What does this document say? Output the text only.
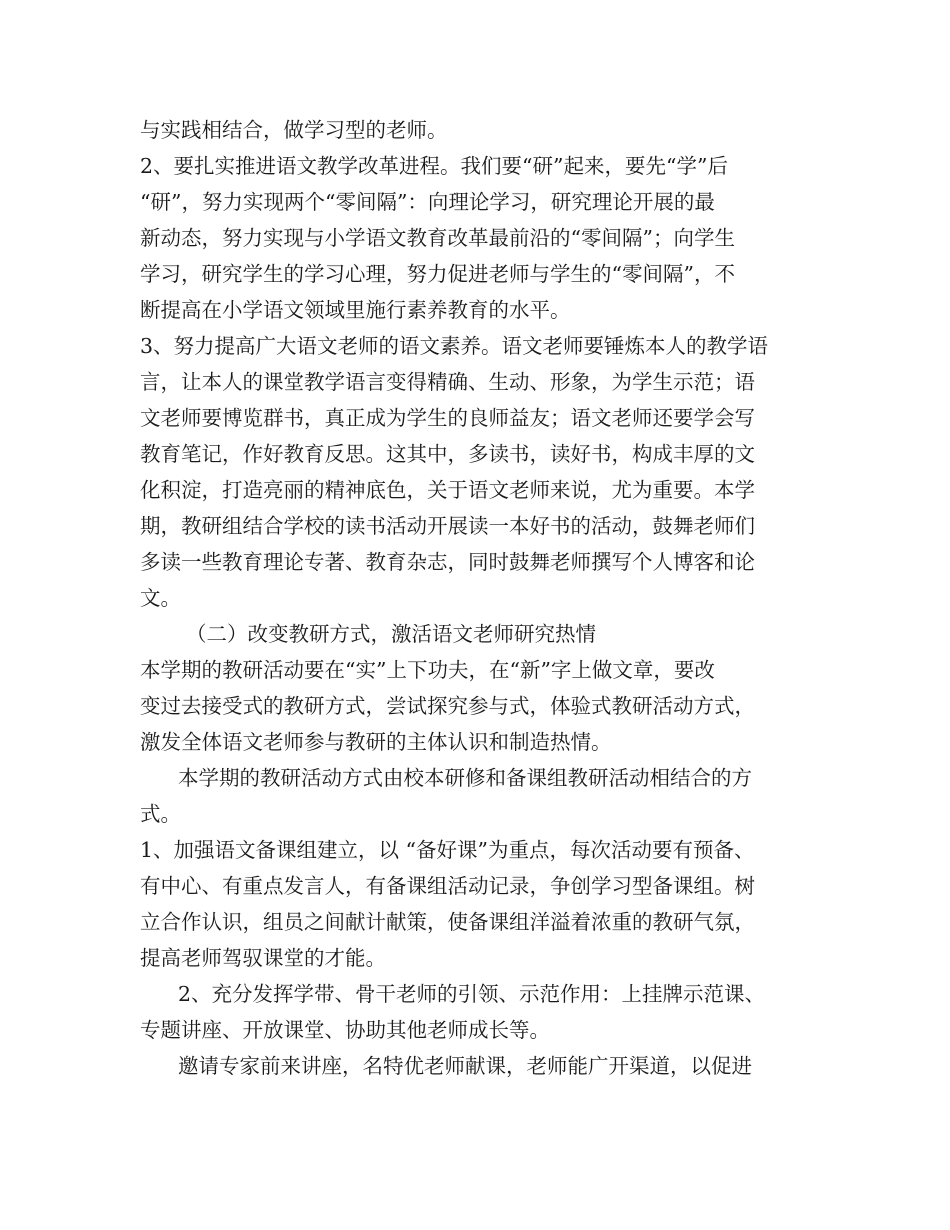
与实践相结合，做学习型的老师。
2、要扎实推进语文教学改革进程。我们要“研”起来，要先“学”后
“研”，努力实现两个“零间隔”：向理论学习，研究理论开展的最
新动态，努力实现与小学语文教育改革最前沿的“零间隔”；向学生
学习，研究学生的学习心理，努力促进老师与学生的“零间隔”，不
断提高在小学语文领域里施行素养教育的水平。
3、努力提高广大语文老师的语文素养。语文老师要锤炼本人的教学语
言，让本人的课堂教学语言变得精确、生动、形象，为学生示范；语
文老师要博览群书，真正成为学生的良师益友；语文老师还要学会写
教育笔记，作好教育反思。这其中，多读书，读好书，构成丰厚的文
化积淀，打造亮丽的精神底色，关于语文老师来说，尤为重要。本学
期，教研组结合学校的读书活动开展读一本好书的活动，鼓舞老师们
多读一些教育理论专著、教育杂志，同时鼓舞老师撰写个人博客和论
文。
（二）改变教研方式，激活语文老师研究热情
本学期的教研活动要在“实”上下功夫，在“新”字上做文章，要改
变过去接受式的教研方式，尝试探究参与式，体验式教研活动方式，
激发全体语文老师参与教研的主体认识和制造热情。
本学期的教研活动方式由校本研修和备课组教研活动相结合的方
式。
1、加强语文备课组建立，以 “备好课”为重点，每次活动要有预备、
有中心、有重点发言人，有备课组活动记录，争创学习型备课组。树
立合作认识，组员之间献计献策，使备课组洋溢着浓重的教研气氛，
提高老师驾驭课堂的才能。
2、充分发挥学带、骨干老师的引领、示范作用：上挂牌示范课、
专题讲座、开放课堂、协助其他老师成长等。
邀请专家前来讲座，名特优老师献课，老师能广开渠道，以促进
